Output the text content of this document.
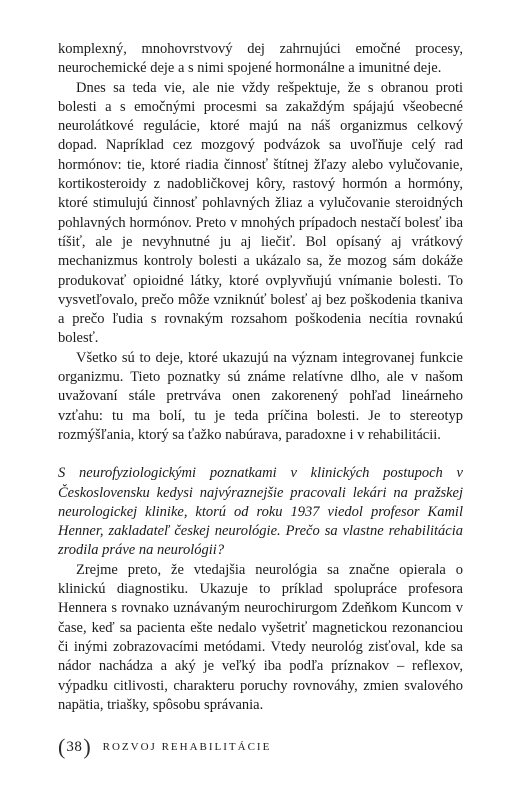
komplexný, mnohovrstvový dej zahrnujúci emočné procesy, neurochemické deje a s nimi spojené hormonálne a imunitné deje.

Dnes sa teda vie, ale nie vždy rešpektuje, že s obranou proti bolesti a s emočnými procesmi sa zakaždým spájajú všeobecné neurolátkové regulácie, ktoré majú na náš organizmus celkový dopad. Napríklad cez mozgový podvázok sa uvoľňuje celý rad hormónov: tie, ktoré riadia činnosť štítnej žľazy alebo vylučovanie, kortikosteroidy z nadobličkovej kôry, rastový hormón a hormóny, ktoré stimulujú činnosť pohlavných žliaz a vylučovanie steroidných pohlavných hormónov. Preto v mnohých prípadoch nestačí bolesť iba tíšiť, ale je nevyhnutné ju aj liečiť. Bol opísaný aj vrátkový mechanizmus kontroly bolesti a ukázalo sa, že mozog sám dokáže produkovať opioidné látky, ktoré ovplyvňujú vnímanie bolesti. To vysvetľovalo, prečo môže vzniknúť bolesť aj bez poškodenia tkaniva a prečo ľudia s rovnakým rozsahom poškodenia necítia rovnakú bolesť.

Všetko sú to deje, ktoré ukazujú na význam integrovanej funkcie organizmu. Tieto poznatky sú známe relatívne dlho, ale v našom uvažovaní stále pretrváva onen zakorenený pohľad lineárneho vzťahu: tu ma bolí, tu je teda príčina bolesti. Je to stereotyp rozmýšľania, ktorý sa ťažko nabúrava, paradoxne i v rehabilitácii.

S neurofyziologickými poznatkami v klinických postupoch v Československu kedysi najvýraznejšie pracovali lekári na pražskej neurologickej klinike, ktorú od roku 1937 viedol profesor Kamil Henner, zakladateľ českej neurológie. Prečo sa vlastne rehabilitácia zrodila práve na neurológii?

Zrejme preto, že vtedajšia neurológia sa značne opierala o klinickú diagnostiku. Ukazuje to príklad spolupráce profesora Hennera s rovnako uznávaným neurochirurgom Zdeňkom Kuncom v čase, keď sa pacienta ešte nedalo vyšetriť magnetickou rezonanciou či inými zobrazovacími metódami. Vtedy neurológ zisťoval, kde sa nádor nachádza a aký je veľký iba podľa príznakov – reflexov, výpadku citlivosti, charakteru poruchy rovnováhy, zmien svalového napätia, triašky, spôsobu správania.

( 38 ) ROZVOJ REHABILITÁCIE
